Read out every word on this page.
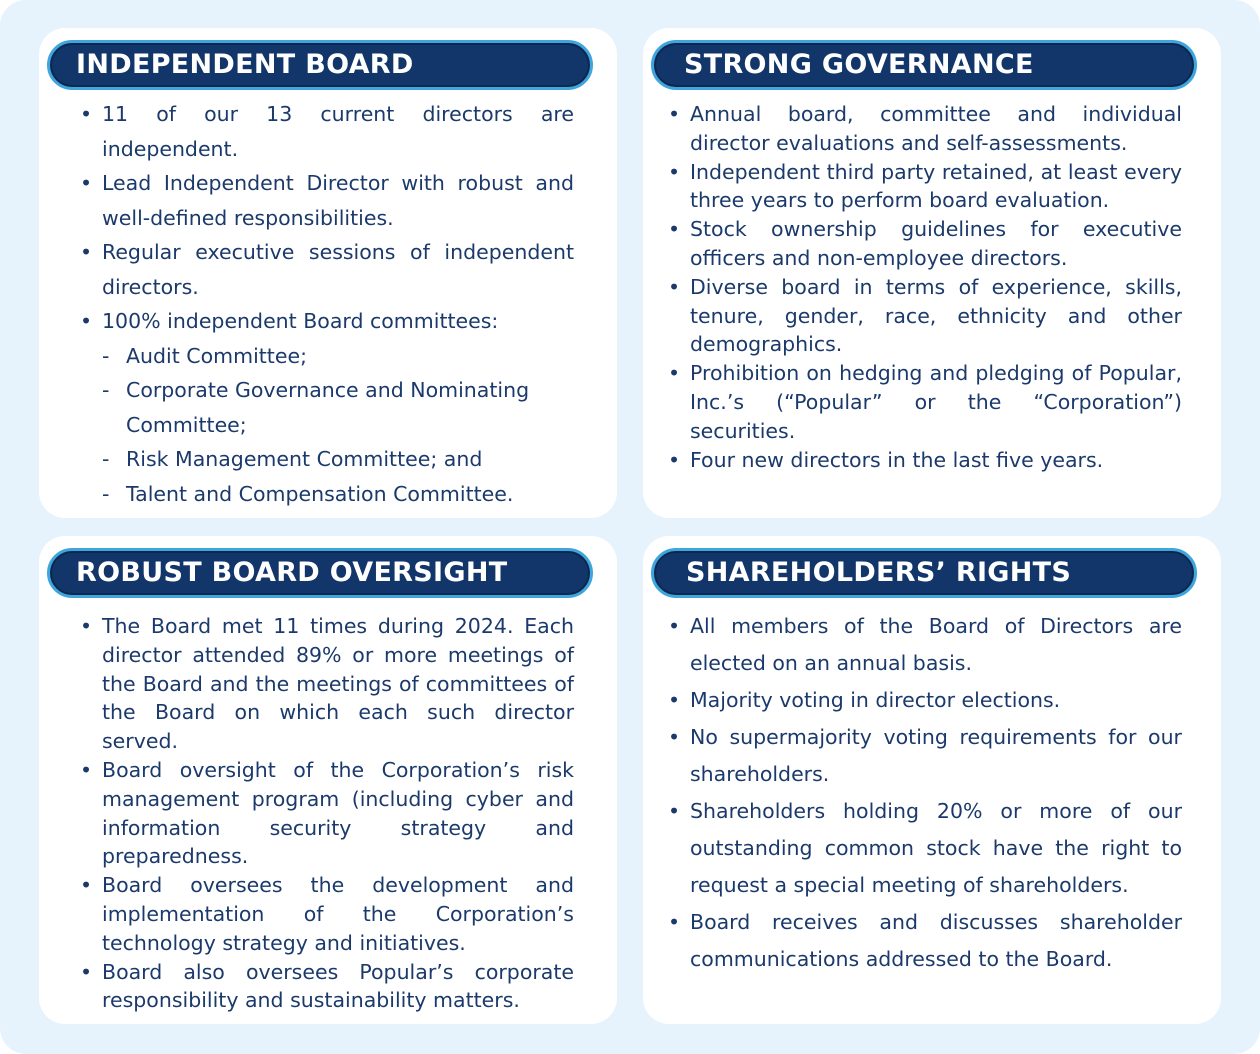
INDEPENDENT BOARD
• 11 of our 13 current directors are independent.
• Lead Independent Director with robust and well-defined responsibilities.
• Regular executive sessions of independent directors.
• 100% independent Board committees:
- Audit Committee;
- Corporate Governance and Nominating Committee;
- Risk Management Committee; and
- Talent and Compensation Committee.
STRONG GOVERNANCE
• Annual board, committee and individual director evaluations and self-assessments.
• Independent third party retained, at least every three years to perform board evaluation.
• Stock ownership guidelines for executive officers and non-employee directors.
• Diverse board in terms of experience, skills, tenure, gender, race, ethnicity and other demographics.
• Prohibition on hedging and pledging of Popular, Inc.’s (“Popular” or the “Corporation”) securities.
• Four new directors in the last five years.
ROBUST BOARD OVERSIGHT
• The Board met 11 times during 2024. Each director attended 89% or more meetings of the Board and the meetings of committees of the Board on which each such director served.
• Board oversight of the Corporation’s risk management program (including cyber and information security strategy and preparedness.
• Board oversees the development and implementation of the Corporation’s technology strategy and initiatives.
• Board also oversees Popular’s corporate responsibility and sustainability matters.
SHAREHOLDERS’ RIGHTS
• All members of the Board of Directors are elected on an annual basis.
• Majority voting in director elections.
• No supermajority voting requirements for our shareholders.
• Shareholders holding 20% or more of our outstanding common stock have the right to request a special meeting of shareholders.
• Board receives and discusses shareholder communications addressed to the Board.
